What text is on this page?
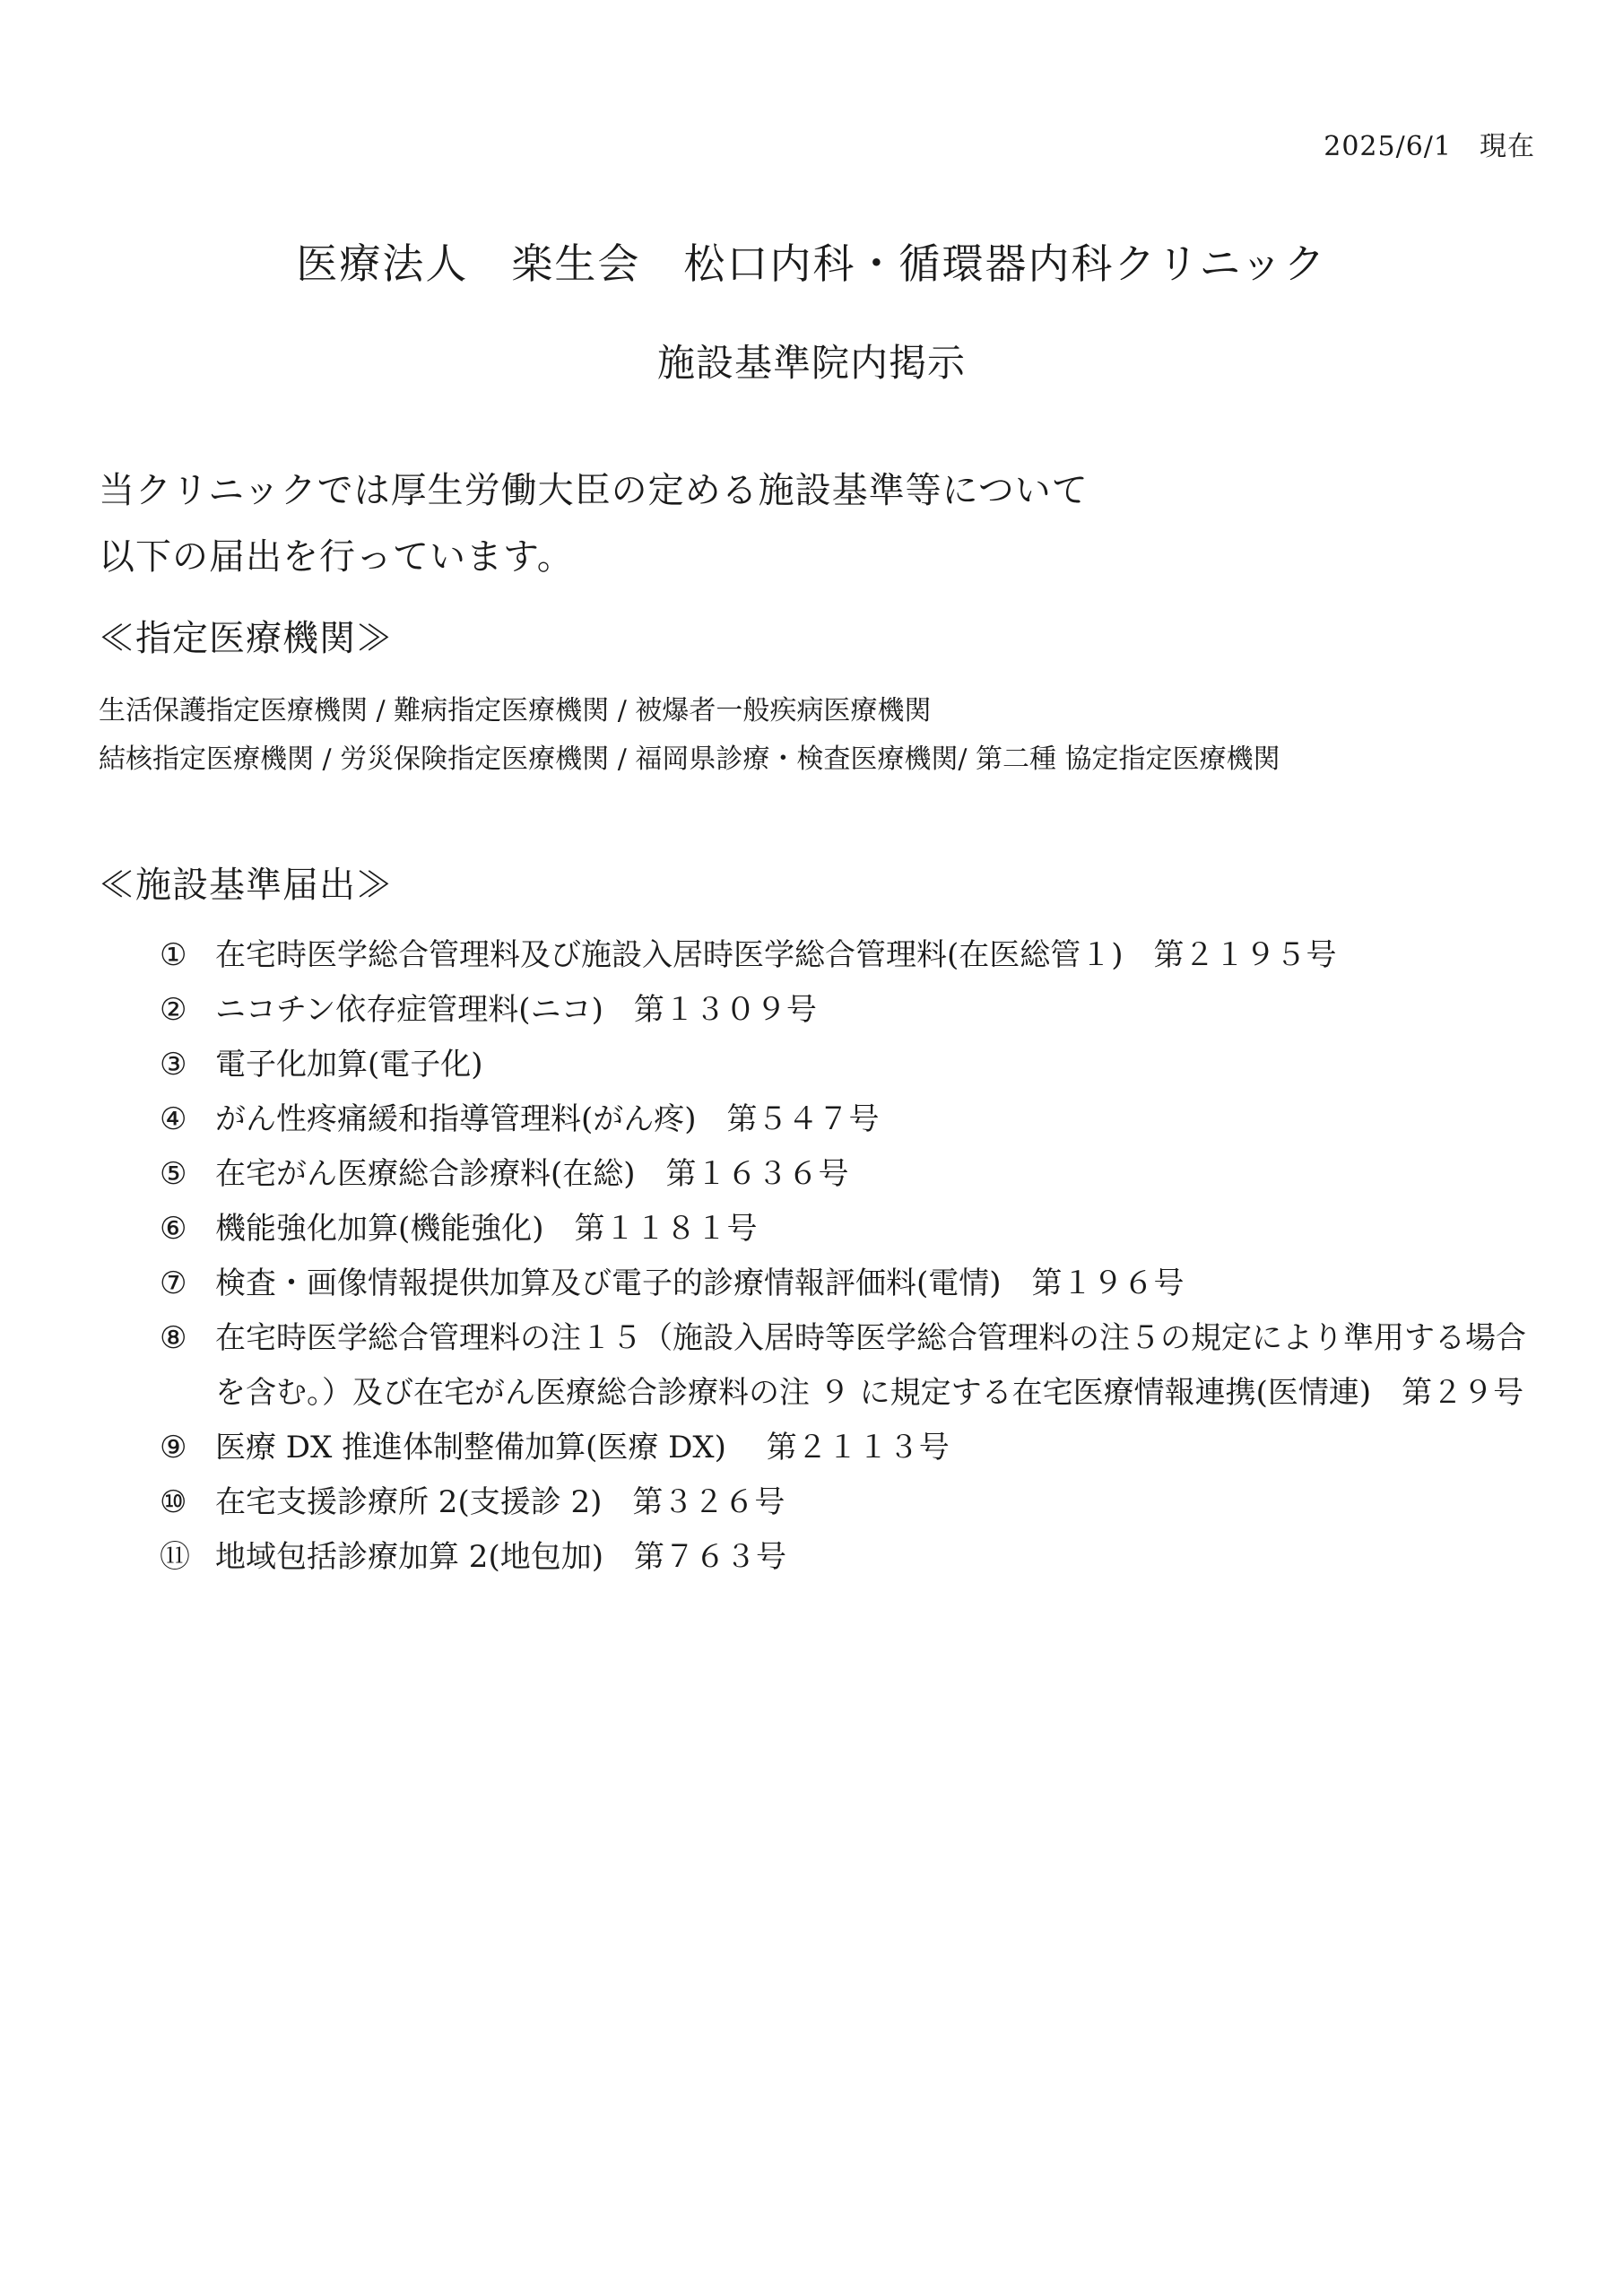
2025/6/1　現在
医療法人　楽生会　松口内科・循環器内科クリニック
施設基準院内掲示
当クリニックでは厚生労働大臣の定める施設基準等について
以下の届出を行っています。
≪指定医療機関≫
生活保護指定医療機関 / 難病指定医療機関 / 被爆者一般疾病医療機関
結核指定医療機関 / 労災保険指定医療機関 / 福岡県診療・検査医療機関/ 第二種 協定指定医療機関
≪施設基準届出≫
① 在宅時医学総合管理料及び施設入居時医学総合管理料(在医総管１)　第２１９５号
② ニコチン依存症管理料(ニコ)　第１３０９号
③ 電子化加算(電子化)
④ がん性疼痛緩和指導管理料(がん疼)　第５４７号
⑤ 在宅がん医療総合診療料(在総)　第１６３６号
⑥ 機能強化加算(機能強化)　第１１８１号
⑦ 検査・画像情報提供加算及び電子的診療情報評価料(電情)　第１９６号
⑧ 在宅時医学総合管理料の注１５（施設入居時等医学総合管理料の注５の規定により準用する場合を含む。）及び在宅がん医療総合診療料の注 ９ に規定する在宅医療情報連携(医情連)　第２９号
⑨ 医療 DX 推進体制整備加算(医療 DX)　 第２１１３号
⑩ 在宅支援診療所 2(支援診 2)　第３２６号
⑪ 地域包括診療加算 2(地包加)　第７６３号
